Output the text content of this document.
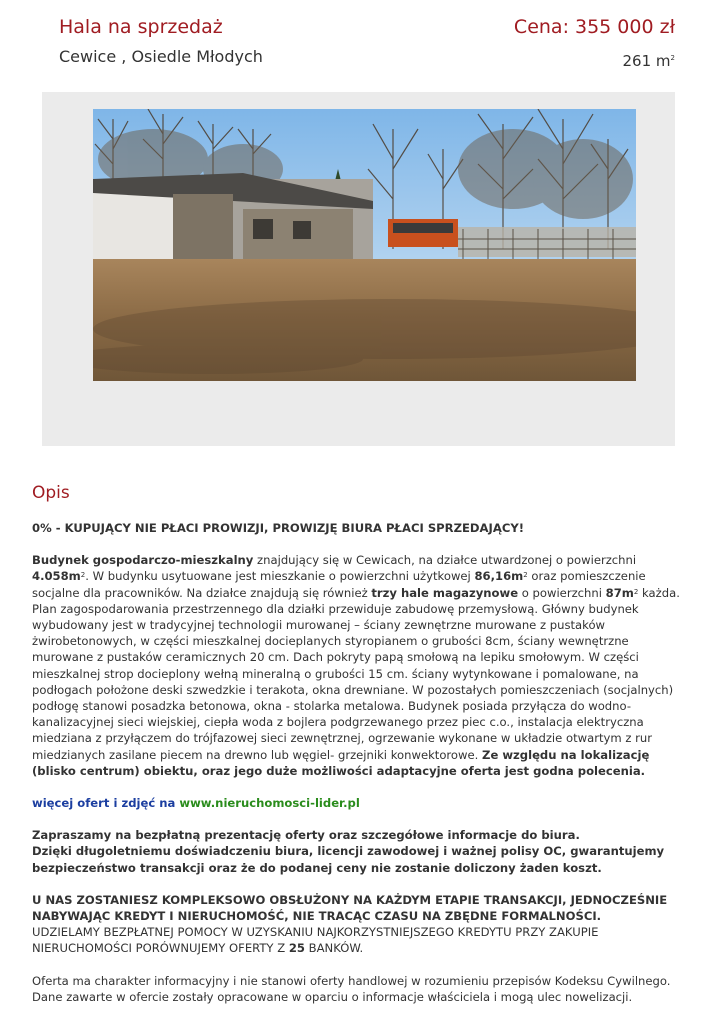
Hala na sprzedaż	Cena: 355 000 zł
Cewice , Osiedle Młodych	261 $m^2$
Opis

0% - KUPUJĄCY NIE PŁACI PROWIZJI, PROWIZJĘ BIURA PŁACI SPRZEDAJĄCY!

Budynek gospodarczo-mieszkalny znajdujący się w Cewicach, na działce utwardzonej o powierzchni $4.058m^2$. W budynku usytuowane jest mieszkanie o powierzchni użytkowej $86,16m^2$ oraz pomieszczenie socjalne dla pracowników. Na działce znajdują się również trzy hale magazynowe o powierzchni $87m^2$ każda. Plan zagospodarowania przestrzennego dla działki przewiduje zabudowę przemysłową. Główny budynek wybudowany jest w tradycyjnej technologii murowanej – ściany zewnętrzne murowane z pustaków żwirobetonowych, w części mieszkalnej docieplanych styropianem o grubości 8cm, ściany wewnętrzne murowane z pustaków ceramicznych 20 cm. Dach pokryty papą smołową na lepiku smołowym. W części mieszkalnej strop docieplony wełną mineralną o grubości 15 cm. ściany wytynkowane i pomalowane, na podłogach położone deski szwedzkie i terakota, okna drewniane. W pozostałych pomieszczeniach (socjalnych) podłogę stanowi posadzka betonowa, okna - stolarka metalowa. Budynek posiada przyłącza do wodno-kanalizacyjnej sieci wiejskiej, ciepła woda z bojlera podgrzewanego przez piec c.o., instalacja elektryczna miedziana z przyłączem do trójfazowej sieci zewnętrznej, ogrzewanie wykonane w układzie otwartym z rur miedzianych zasilane piecem na drewno lub węgiel- grzejniki konwektorowe. Ze względu na lokalizację (blisko centrum) obiektu, oraz jego duże możliwości adaptacyjne oferta jest godna polecenia.

więcej ofert i zdjęć na www.nieruchomosci-lider.pl

Zapraszamy na bezpłatną prezentację oferty oraz szczegółowe informacje do biura.
Dzięki długoletniemu doświadczeniu biura, licencji zawodowej i ważnej polisy OC, gwarantujemy bezpieczeństwo transakcji oraz że do podanej ceny nie zostanie doliczony żaden koszt.

U NAS ZOSTANIESZ KOMPLEKSOWO OBSŁUŻONY NA KAŻDYM ETAPIE TRANSAKCJI, JEDNOCZEŚNIE NABYWAJĄC KREDYT I NIERUCHOMOŚĆ, NIE TRACĄC CZASU NA ZBĘDNE FORMALNOŚCI.
UDZIELAMY BEZPŁATNEJ POMOCY W UZYSKANIU NAJKORZYSTNIEJSZEGO KREDYTU PRZY ZAKUPIE NIERUCHOMOŚCI PORÓWNUJEMY OFERTY Z 25 BANKÓW.

Oferta ma charakter informacyjny i nie stanowi oferty handlowej w rozumieniu przepisów Kodeksu Cywilnego. Dane zawarte w ofercie zostały opracowane w oparciu o informacje właściciela i mogą ulec nowelizacji.
